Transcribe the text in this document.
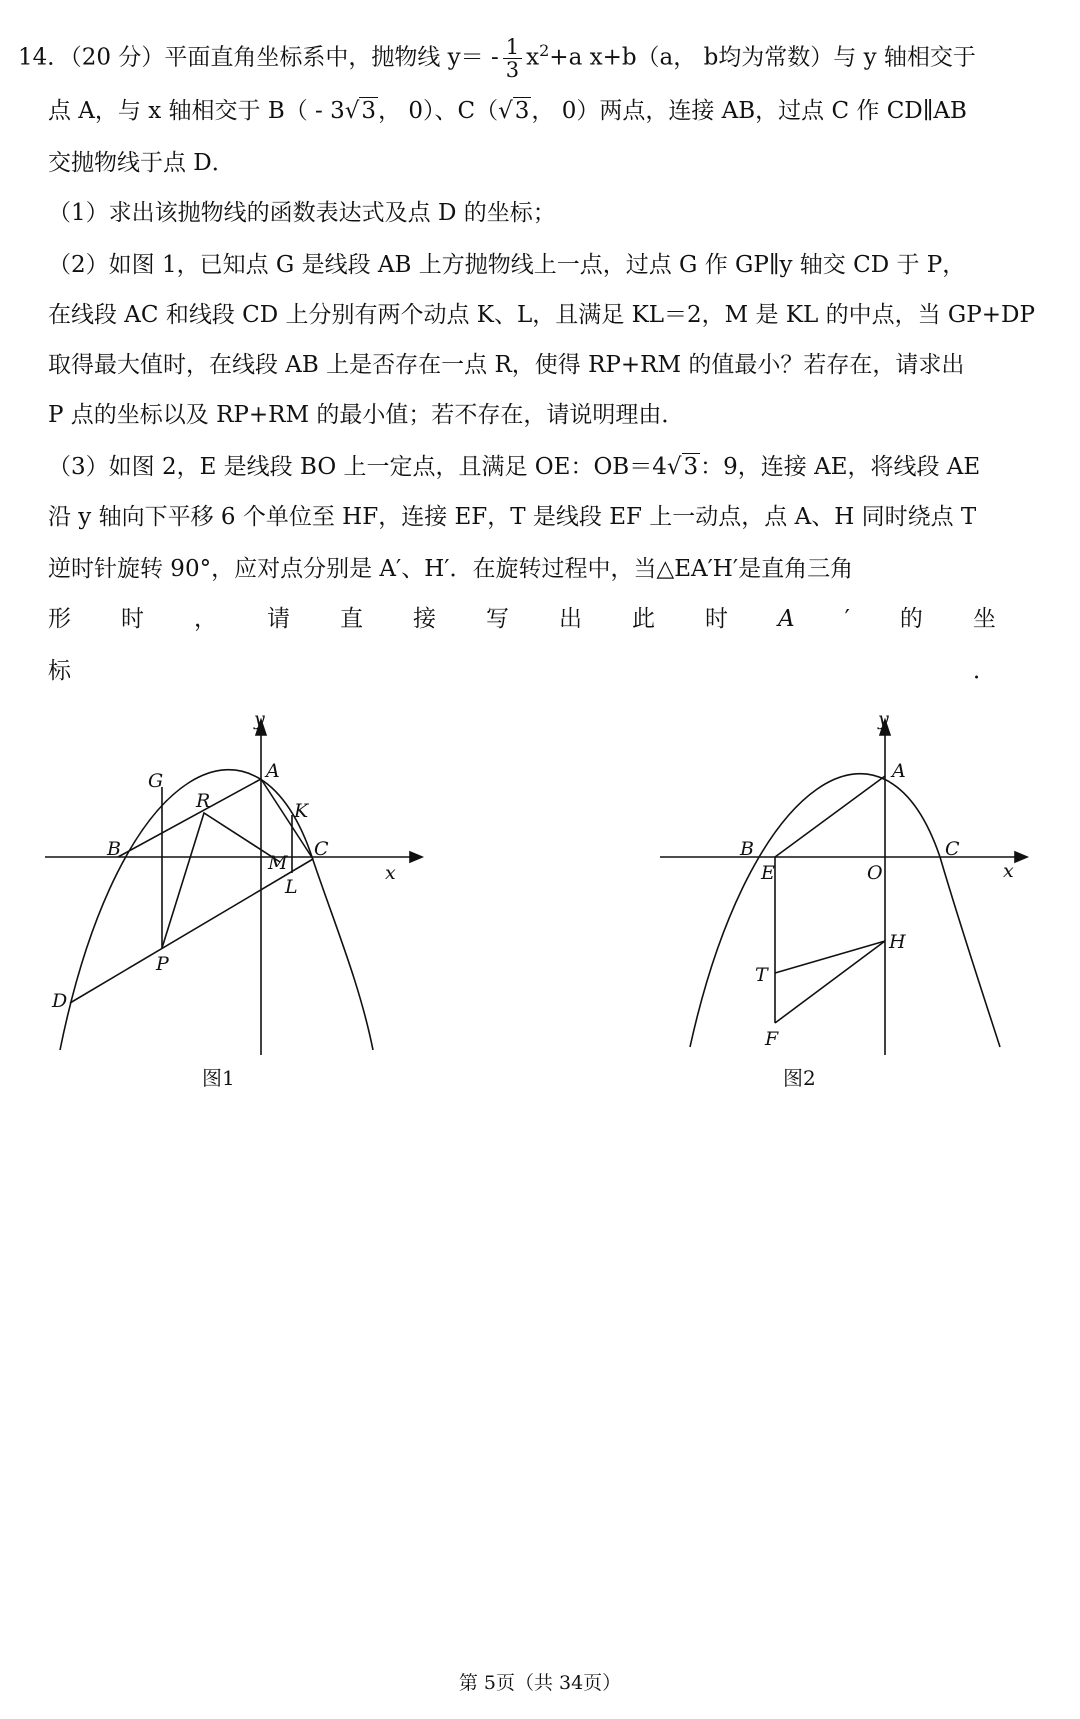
14．（20 分）平面直角坐标系中，抛物线 $y= - \frac{1}{3} x^2+a$ x+b（a， b均为常数）与 y 轴相交于
点 A，与 x 轴相交于 B（ - 3√3， 0）、C（√3， 0）两点，连接 AB，过点 C 作 CD∥AB
交抛物线于点 D．
（1）求出该抛物线的函数表达式及点 D 的坐标；
（2）如图 1，已知点 G 是线段 AB 上方抛物线上一点，过点 G 作 GP∥y 轴交 CD 于 P，
在线段 AC 和线段 CD 上分别有两个动点 K、L，且满足 KL＝2，M 是 KL 的中点，当 GP+DP
取得最大值时，在线段 AB 上是否存在一点 R，使得 RP+RM 的值最小？若存在，请求出
P 点的坐标以及 RP+RM 的最小值；若不存在，请说明理由．
（3）如图 2，E 是线段 BO 上一定点，且满足 OE：OB＝4√3：9，连接 AE，将线段 AE
沿 y 轴向下平移 6 个单位至 HF，连接 EF，T 是线段 EF 上一动点，点 A、H 同时绕点 T
逆时针旋转 90°，应对点分别是 A′、H′．在旋转过程中，当△EA′H′是直角三角
形 时 ， 请 直 接 写 出 此 时 A ′ 的 坐
标	．
y
x
A
B	C
D
G
R	K
M
L
P
图1
y
x
A
B	C
E	O
H
T
F
图2
第 5页（共 34页）
